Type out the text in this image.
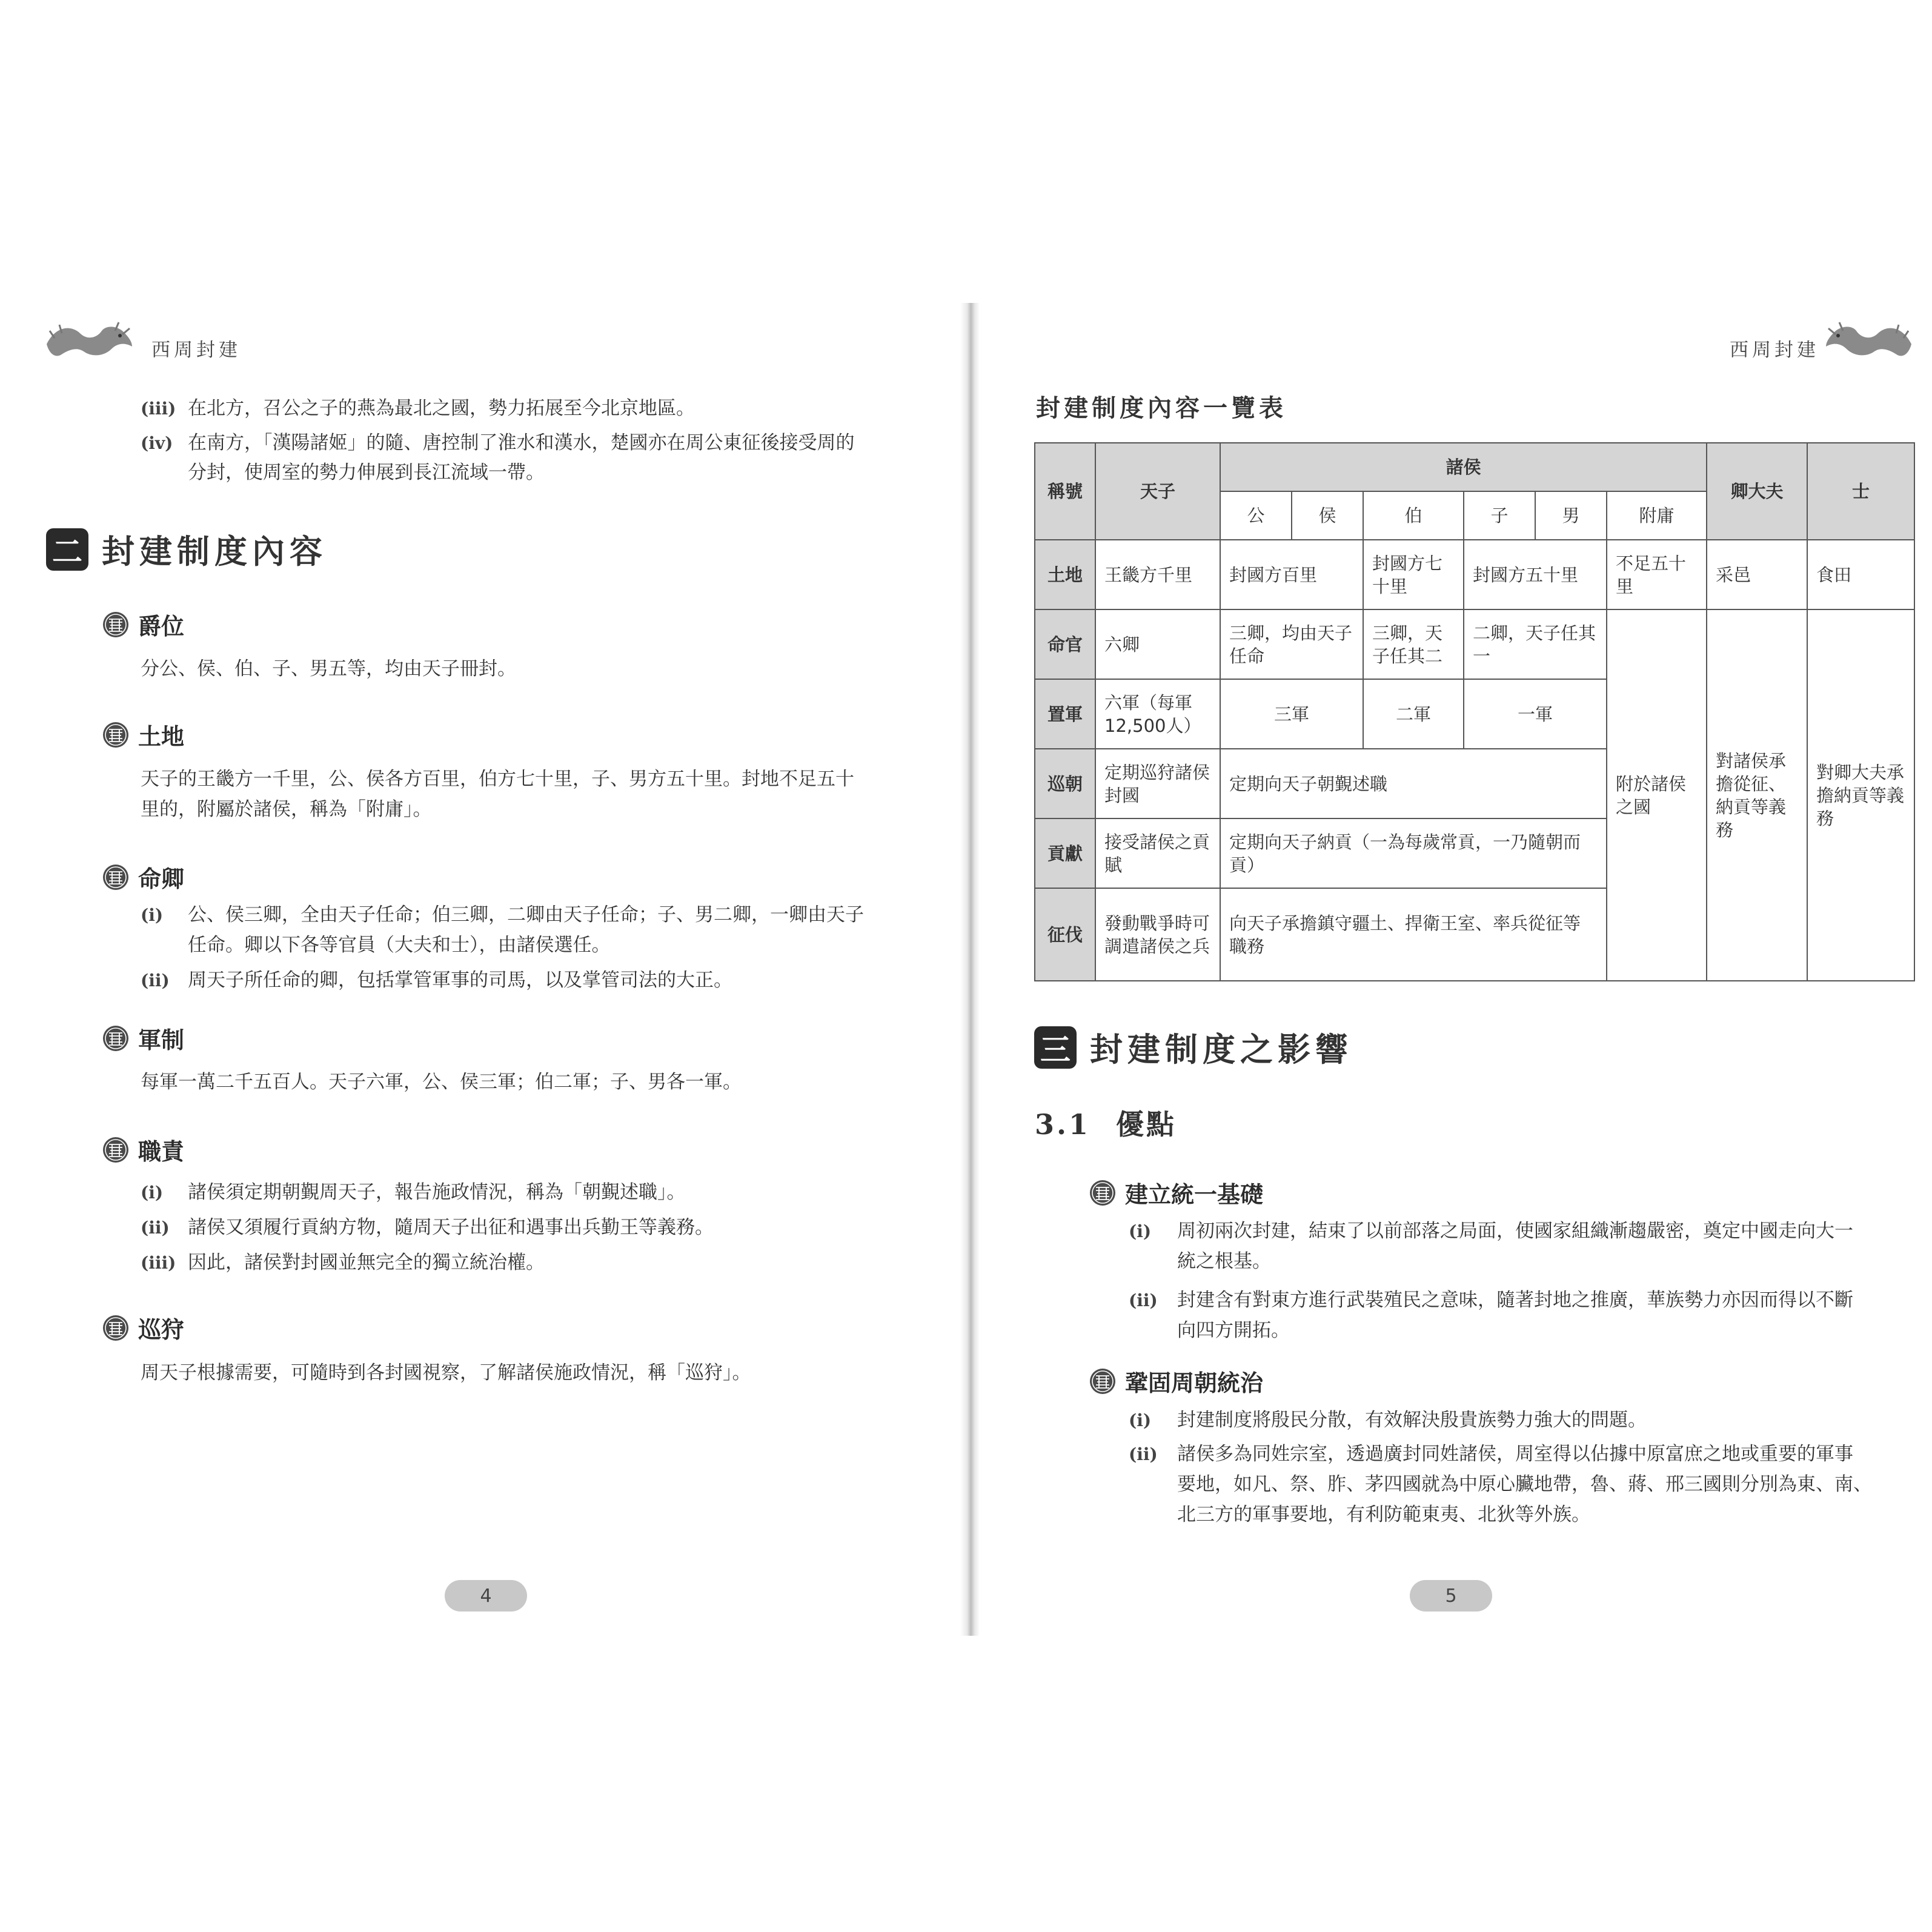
西周封建
(iii) 在北方，召公之子的燕為最北之國，勢力拓展至今北京地區。
(iv) 在南方，「漢陽諸姬」的隨、唐控制了淮水和漢水，楚國亦在周公東征後接受周的
分封，使周室的勢力伸展到長江流域一帶。
二 封建制度內容
爵位
分公、侯、伯、子、男五等，均由天子冊封。
土地
天子的王畿方一千里，公、侯各方百里，伯方七十里，子、男方五十里。封地不足五十
里的，附屬於諸侯，稱為「附庸」。
命卿
(i) 公、侯三卿，全由天子任命；伯三卿，二卿由天子任命；子、男二卿，一卿由天子
任命。卿以下各等官員（大夫和士），由諸侯選任。
(ii) 周天子所任命的卿，包括掌管軍事的司馬，以及掌管司法的大正。
軍制
每軍一萬二千五百人。天子六軍，公、侯三軍；伯二軍；子、男各一軍。
職責
(i) 諸侯須定期朝覲周天子，報告施政情況，稱為「朝覲述職」。
(ii) 諸侯又須履行貢納方物，隨周天子出征和遇事出兵勤王等義務。
(iii) 因此，諸侯對封國並無完全的獨立統治權。
巡狩
周天子根據需要，可隨時到各封國視察，了解諸侯施政情況，稱「巡狩」。
4
西周封建
封建制度內容一覽表
稱號	天子	諸侯						卿大夫	士
		公	侯	伯	子	男	附庸		
土地	王畿方千里	封國方百里		封國方七十里	封國方五十里		不足五十里	采邑	食田
命官	六卿	三卿，均由天子任命		三卿，天子任其二	二卿，天子任其一		附於諸侯之國	對諸侯承擔從征、納貢等義務	對卿大夫承擔納貢等義務
置軍	六軍（每軍12,500人）	三軍		二軍	一軍				
巡朝	定期巡狩諸侯封國	定期向天子朝覲述職							
貢獻	接受諸侯之貢賦	定期向天子納貢（一為每歲常貢，一乃隨朝而貢）							
征伐	發動戰爭時可調遣諸侯之兵	向天子承擔鎮守疆土、捍衛王室、率兵從征等職務							
三 封建制度之影響
3.1 優點
建立統一基礎
(i) 周初兩次封建，結束了以前部落之局面，使國家組織漸趨嚴密，奠定中國走向大一
統之根基。
(ii) 封建含有對東方進行武裝殖民之意味，隨著封地之推廣，華族勢力亦因而得以不斷
向四方開拓。
鞏固周朝統治
(i) 封建制度將殷民分散，有效解決殷貴族勢力強大的問題。
(ii) 諸侯多為同姓宗室，透過廣封同姓諸侯，周室得以佔據中原富庶之地或重要的軍事
要地，如凡、祭、胙、茅四國就為中原心臟地帶，魯、蔣、邢三國則分別為東、南、
北三方的軍事要地，有利防範東夷、北狄等外族。
5
